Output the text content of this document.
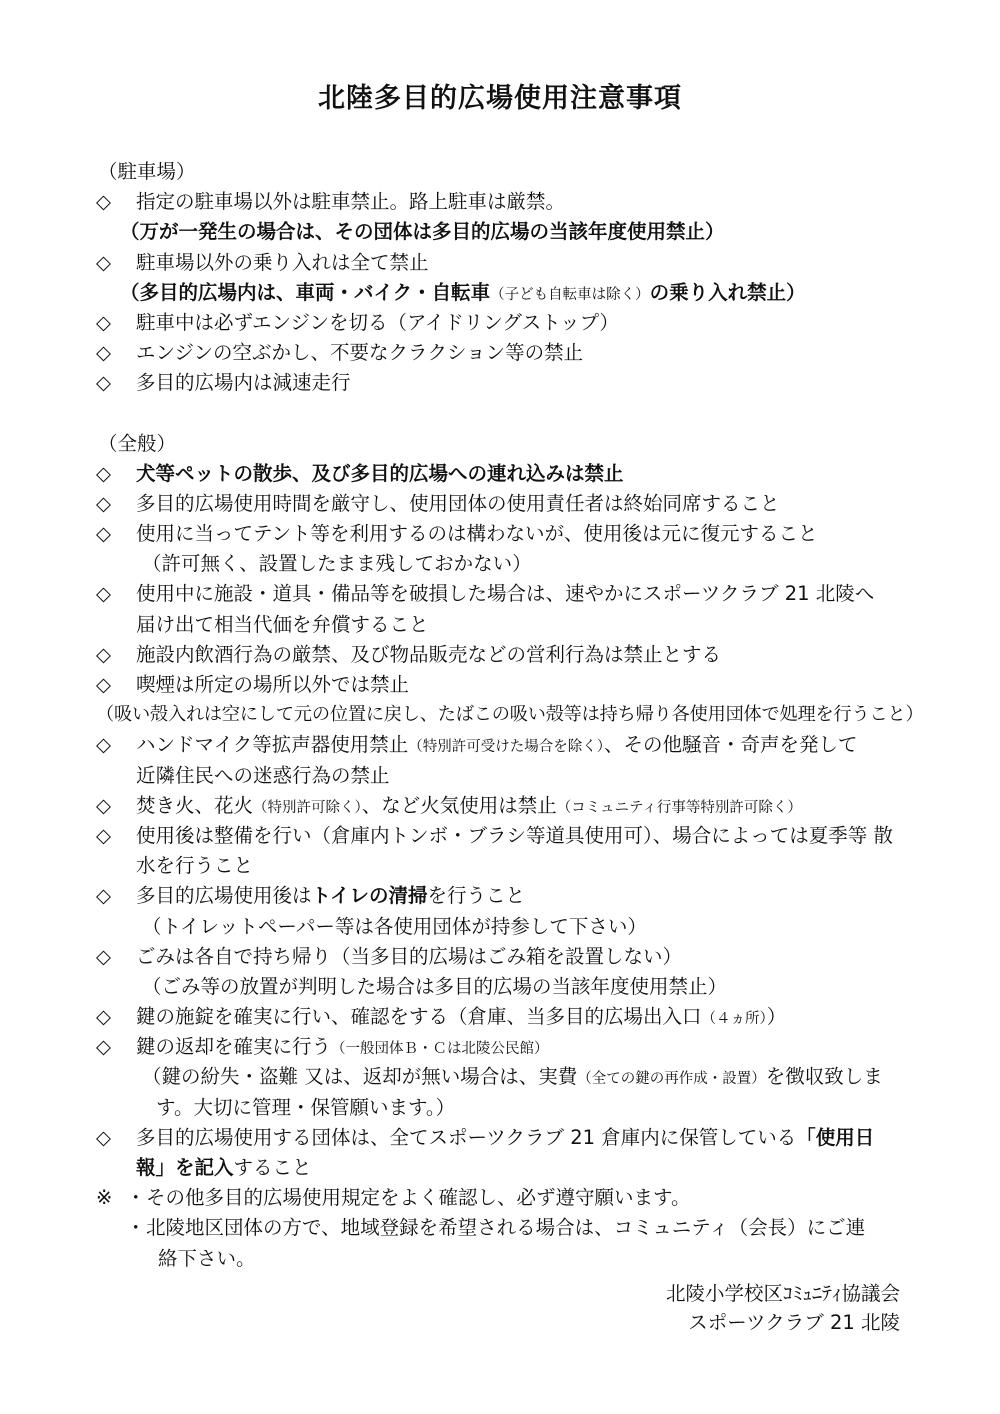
北陸多目的広場使用注意事項
（駐車場）
◇	指定の駐車場以外は駐車禁止。路上駐車は厳禁。
（万が一発生の場合は、その団体は多目的広場の当該年度使用禁止）
◇	駐車場以外の乗り入れは全て禁止
（多目的広場内は、車両・バイク・自転車（子ども自転車は除く）の乗り入れ禁止）
◇	駐車中は必ずエンジンを切る（アイドリングストップ）
◇	エンジンの空ぶかし、不要なクラクション等の禁止
◇	多目的広場内は減速走行
（全般）
◇	犬等ペットの散歩、及び多目的広場への連れ込みは禁止
◇	多目的広場使用時間を厳守し、使用団体の使用責任者は終始同席すること
◇	使用に当ってテント等を利用するのは構わないが、使用後は元に復元すること
（許可無く、設置したまま残しておかない）
◇	使用中に施設・道具・備品等を破損した場合は、速やかにスポーツクラブ 21 北陵へ
届け出て相当代価を弁償すること
◇	施設内飲酒行為の厳禁、及び物品販売などの営利行為は禁止とする
◇	喫煙は所定の場所以外では禁止
（吸い殻入れは空にして元の位置に戻し、たばこの吸い殻等は持ち帰り各使用団体で処理を行うこと）
◇	ハンドマイク等拡声器使用禁止（特別許可受けた場合を除く）、その他騒音・奇声を発して
近隣住民への迷惑行為の禁止
◇	焚き火、花火（特別許可除く）、など火気使用は禁止（コミュニティ行事等特別許可除く）
◇	使用後は整備を行い（倉庫内トンボ・ブラシ等道具使用可）、場合によっては夏季等 散
水を行うこと
◇	多目的広場使用後はトイレの清掃を行うこと
（トイレットペーパー等は各使用団体が持参して下さい）
◇	ごみは各自で持ち帰り（当多目的広場はごみ箱を設置しない）
（ごみ等の放置が判明した場合は多目的広場の当該年度使用禁止）
◇	鍵の施錠を確実に行い、確認をする（倉庫、当多目的広場出入口（４ヵ所））
◇	鍵の返却を確実に行う（一般団体Ｂ・Ｃは北陵公民館）
（鍵の紛失・盗難 又は、返却が無い場合は、実費（全ての鍵の再作成・設置）を徴収致しま
す。大切に管理・保管願います。）
◇	多目的広場使用する団体は、全てスポーツクラブ 21 倉庫内に保管している「使用日
報」を記入すること
※ ・ その他多目的広場使用規定をよく確認し、必ず遵守願います。
・ 北陵地区団体の方で、地域登録を希望される場合は、コミュニティ（会長）にご連
絡下さい。
北陵小学校区ｺﾐｭﾆﾃｨ協議会
スポーツクラブ 21 北陵
